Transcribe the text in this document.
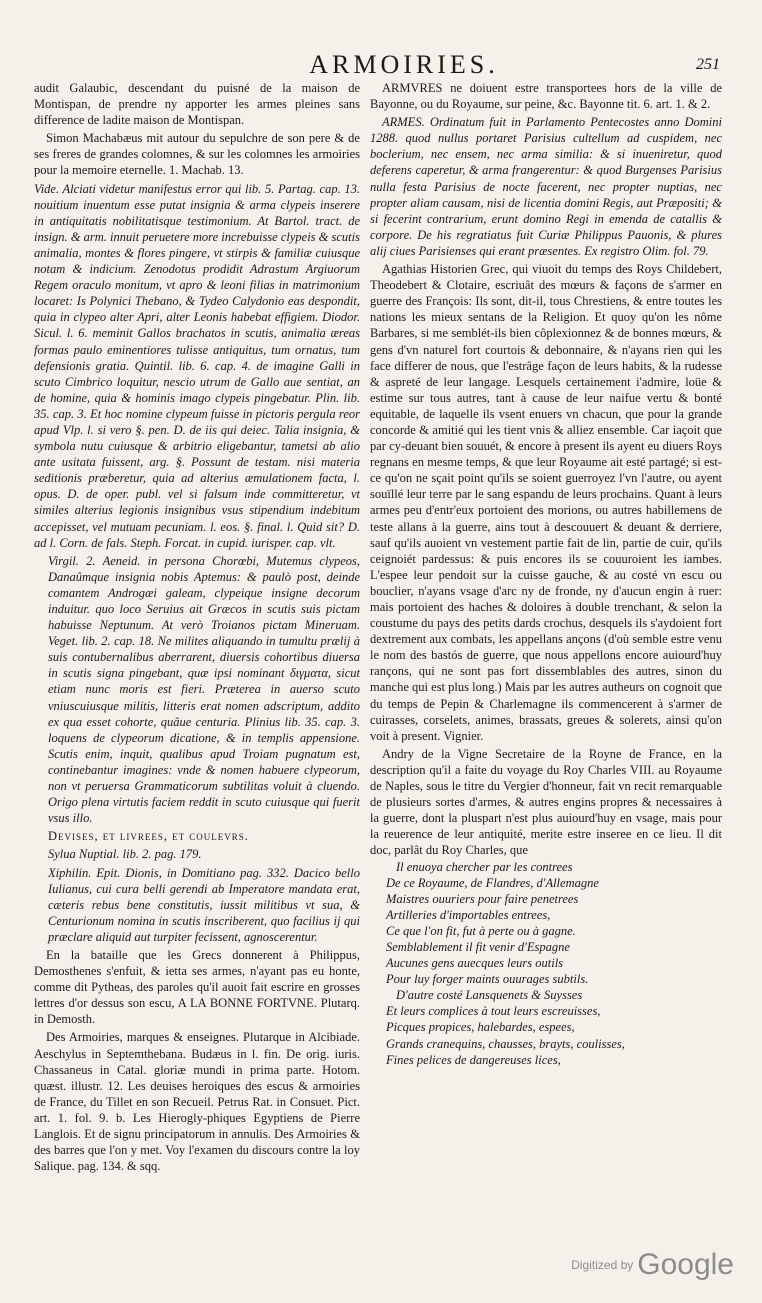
ARMOIRIES.	251

audit Galaubic, descendant du puisné de la maison de Montispan, de prendre ny apporter les armes pleines sans difference de ladite maison de Montispan.

Simon Machabæus mit autour du sepulchre de son pere & de ses freres de grandes colomnes, & sur les colomnes les armoiries pour la memoire eternelle. 1. Machab. 13.

Vide. Alciati videtur manifestus error qui lib. 5. Partag. cap. 13. nouitium inuentum esse putat insignia & arma clypeis inserere in antiquitatis nobilitatisque testimonium. At Bartol. tract. de insign. & arm. innuit peruetere more increbuisse clypeis & scutis animalia, montes & flores pingere, vt stirpis & familiæ cuiusque notam & indicium. Zenodotus prodidit Adrastum Argiuorum Regem oraculo monitum, vt apro & leoni filias in matrimonium locaret: Is Polynici Thebano, & Tydeo Calydonio eas despondit, quia in clypeo alter Apri, alter Leonis habebat effigiem. Diodor. Sicul. l. 6. meminit Gallos brachatos in scutis, animalia æreas formas paulo eminentiores tulisse antiquitus, tum ornatus, tum defensionis gratia. Quintil. lib. 6. cap. 4. de imagine Galli in scuto Cimbrico loquitur, nescio utrum de Gallo aue sentiat, an de homine, quia & hominis imago clypeis pingebatur. Plin. lib. 35. cap. 3. Et hoc nomine clypeum fuisse in pictoris pergula reor apud Vlp. l. si vero §. pen. D. de iis qui deiec. Talia insignia, & symbola nutu cuiusque & arbitrio eligebantur, tametsi ab alio ante usitata fuissent, arg. §. Possunt de testam. nisi materia seditionis præberetur, quia ad alterius æmulationem facta, l. opus. D. de oper. publ. vel si falsum inde committeretur, vt similes alterius legionis insignibus vsus stipendium indebitum accepisset, vel mutuam pecuniam. l. eos. §. final. l. Quid sit? D. ad l. Corn. de fals. Steph. Forcat. in cupid. iurisper. cap. vlt.

Virgil. 2. Aeneid. in persona Chorœbi, Mutemus clypeos, Danaûmque insignia nobis Aptemus: & paulò post, deinde comantem Androgæi galeam, clypeique insigne decorum induitur. quo loco Seruius ait Græcos in scutis suis pictam habuisse Neptunum. At verò Troianos pictam Mineruam. Veget. lib. 2. cap. 18. Ne milites aliquando in tumultu prælij à suis contubernalibus aberrarent, diuersis cohortibus diuersa in scutis signa pingebant, quæ ipsi nominant διγματα, sicut etiam nunc moris est fieri. Præterea in auerso scuto vniuscuiusque militis, litteris erat nomen adscriptum, addito ex qua esset cohorte, quâue centuria. Plinius lib. 35. cap. 3. loquens de clypeorum dicatione, & in templis appensione. Scutis enim, inquit, qualibus apud Troiam pugnatum est, continebantur imagines: vnde & nomen habuere clypeorum, non vt peruersa Grammaticorum subtilitas voluit à cluendo. Origo plena virtutis faciem reddit in scuto cuiusque qui fuerit vsus illo.

Devises, et livrees, et coulevrs.

Sylua Nuptial. lib. 2. pag. 179.

Xiphilin. Epit. Dionis, in Domitiano pag. 332. Dacico bello Iulianus, cui cura belli gerendi ab Imperatore mandata erat, cæteris rebus bene constitutis, iussit militibus vt sua, & Centurionum nomina in scutis inscriberent, quo facilius ij qui præclare aliquid aut turpiter fecissent, agnoscerentur.

En la bataille que les Grecs donnerent à Philippus, Demosthenes s'enfuit, & ietta ses armes, n'ayant pas eu honte, comme dit Pytheas, des paroles qu'il auoit fait escrire en grosses lettres d'or dessus son escu, A LA BONNE FORTVNE. Plutarq. in Demosth.

Des Armoiries, marques & enseignes. Plutarque in Alcibiade. Aeschylus in Septemthebana. Budæus in l. fin. De orig. iuris. Chassaneus in Catal. gloriæ mundi in prima parte. Hotom. quæst. illustr. 12. Les deuises heroiques des escus & armoiries de France, du Tillet en son Recueil. Petrus Rat. in Consuet. Pict. art. 1. fol. 9. b. Les Hierogly-phiques Egyptiens de Pierre Langlois. Et de signu principatorum in annulis. Des Armoiries & des barres que l'on y met. Voy l'examen du discours contre la loy Salique. pag. 134. & sqq.

ARMVRES ne doiuent estre transportees hors de la ville de Bayonne, ou du Royaume, sur peine, &c. Bayonne tit. 6. art. 1. & 2.

ARMES. Ordinatum fuit in Parlamento Pentecostes anno Domini 1288. quod nullus portaret Parisius cultellum ad cuspidem, nec boclerium, nec ensem, nec arma similia: & si inueniretur, quod deferens caperetur, & arma frangerentur: & quod Burgenses Parisius nulla festa Parisius de nocte facerent, nec propter nuptias, nec propter aliam causam, nisi de licentia domini Regis, aut Præpositi; & si fecerint contrarium, erunt domino Regi in emenda de catallis & corpore. De his regratiatus fuit Curiæ Philippus Pauonis, & plures alij ciues Parisienses qui erant præsentes. Ex registro Olim. fol. 79.

Agathias Historien Grec, qui viuoit du temps des Roys Childebert, Theodebert & Clotaire, escriuât des mœurs & façons de s'armer en guerre des François: Ils sont, dit-il, tous Chrestiens, & entre toutes les nations les mieux sentans de la Religion. Et quoy qu'on les nôme Barbares, si me semblét-ils bien côplexionnez & de bonnes mœurs, & gens d'vn naturel fort courtois & debonnaire, & n'ayans rien qui les face differer de nous, que l'estrâge façon de leurs habits, & la rudesse & aspreté de leur langage. Lesquels certainement i'admire, loüe & estime sur tous autres, tant à cause de leur naifue vertu & bonté equitable, de laquelle ils vsent enuers vn chacun, que pour la grande concorde & amitié qui les tient vnis & alliez ensemble. Car iaçoit que par cy-deuant bien souuét, & encore à present ils ayent eu diuers Roys regnans en mesme temps, & que leur Royaume ait esté partagé; si est-ce qu'on ne sçait point qu'ils se soient guerroyez l'vn l'autre, ou ayent souïllé leur terre par le sang espandu de leurs prochains. Quant à leurs armes peu d'entr'eux portoient des morions, ou autres habillemens de teste allans à la guerre, ains tout à descouuert & deuant & derriere, sauf qu'ils auoient vn vestement partie fait de lin, partie de cuir, qu'ils ceignoiét pardessus: & puis encores ils se couuroient les iambes. L'espee leur pendoit sur la cuisse gauche, & au costé vn escu ou bouclier, n'ayans vsage d'arc ny de fronde, ny d'aucun engin à ruer: mais portoient des haches & doloires à double trenchant, & selon la coustume du pays des petits dards crochus, desquels ils s'aydoient fort dextrement aux combats, les appellans ançons (d'où semble estre venu le nom des bastós de guerre, que nous appellons encore auiourd'huy rançons, qui ne sont pas fort dissemblables des autres, sinon du manche qui est plus long.) Mais par les autres autheurs on cognoit que du temps de Pepin & Charlemagne ils commencerent à s'armer de cuirasses, corselets, animes, brassats, greues & solerets, ainsi qu'on voit à present. Vignier.

Andry de la Vigne Secretaire de la Royne de France, en la description qu'il a faite du voyage du Roy Charles VIII. au Royaume de Naples, sous le titre du Vergier d'honneur, fait vn recit remarquable de plusieurs sortes d'armes, & autres engins propres & necessaires à la guerre, dont la pluspart n'est plus auiourd'huy en vsage, mais pour la reuerence de leur antiquité, merite estre inseree en ce lieu. Il dit doc, parlât du Roy Charles, que

Il enuoya chercher par les contrees
De ce Royaume, de Flandres, d'Allemagne
Maistres ouuriers pour faire penetrees
Artilleries d'importables entrees,
Ce que l'on fit, fut à perte ou à gagne.
Semblablement il fit venir d'Espagne
Aucunes gens auecques leurs outils
Pour luy forger maints ouurages subtils.
D'autre costé Lansquenets & Suysses
Et leurs complices à tout leurs escreuisses,
Picques propices, halebardes, espees,
Grands cranequins, chausses, brayts, coulisses,
Fines pelices de dangereuses lices,

Digitized by Google
